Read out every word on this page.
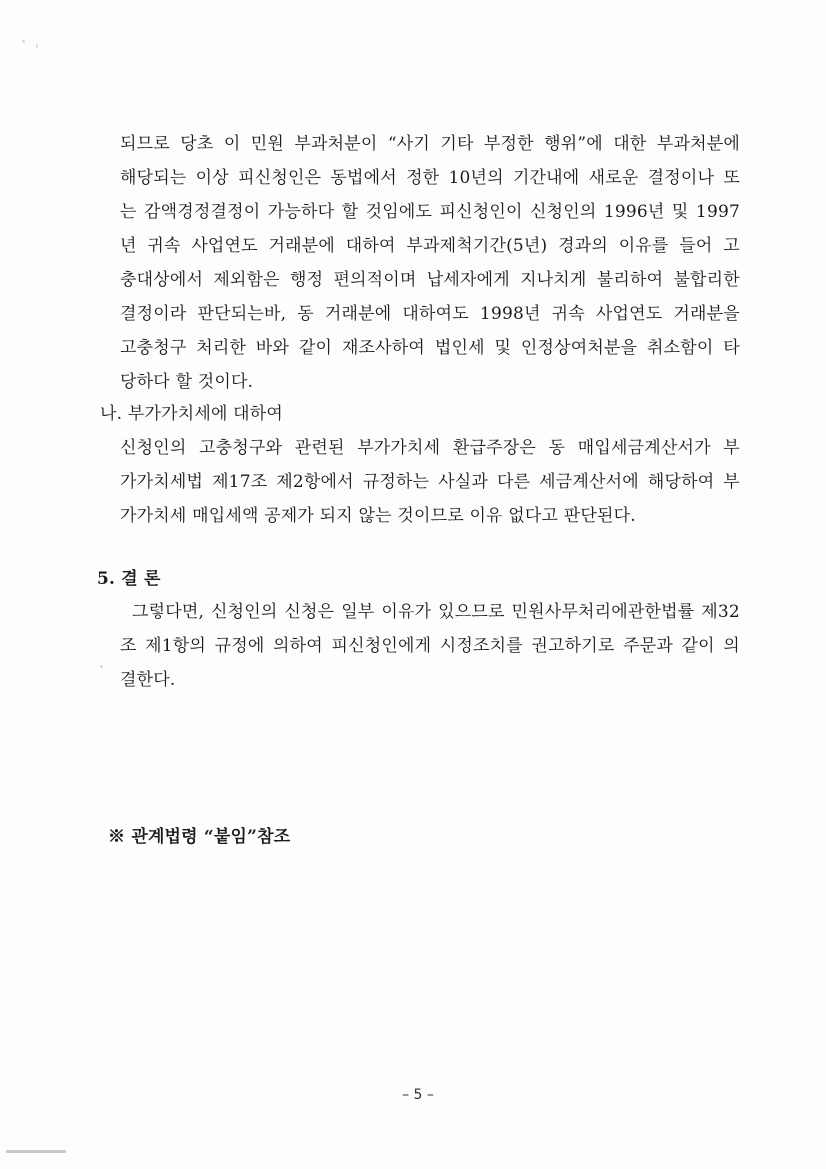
되므로 당초 이 민원 부과처분이 “사기 기타 부정한 행위”에 대한 부과처분에
해당되는 이상 피신청인은 동법에서 정한 10년의 기간내에 새로운 결정이나 또
는 감액경정결정이 가능하다 할 것임에도 피신청인이 신청인의 1996년 및 1997
년 귀속 사업연도 거래분에 대하여 부과제척기간(5년) 경과의 이유를 들어 고
충대상에서 제외함은 행정 편의적이며 납세자에게 지나치게 불리하여 불합리한
결정이라 판단되는바, 동 거래분에 대하여도 1998년 귀속 사업연도 거래분을
고충청구 처리한 바와 같이 재조사하여 법인세 및 인정상여처분을 취소함이 타
당하다 할 것이다.
나. 부가가치세에 대하여
신청인의 고충청구와 관련된 부가가치세 환급주장은 동 매입세금계산서가 부
가가치세법 제17조 제2항에서 규정하는 사실과 다른 세금계산서에 해당하여 부
가가치세 매입세액 공제가 되지 않는 것이므로 이유 없다고 판단된다.
5. 결 론
그렇다면, 신청인의 신청은 일부 이유가 있으므로 민원사무처리에관한법률 제32
조 제1항의 규정에 의하여 피신청인에게 시정조치를 권고하기로 주문과 같이 의
결한다.
※ 관계법령 “붙임”참조
– 5 –
